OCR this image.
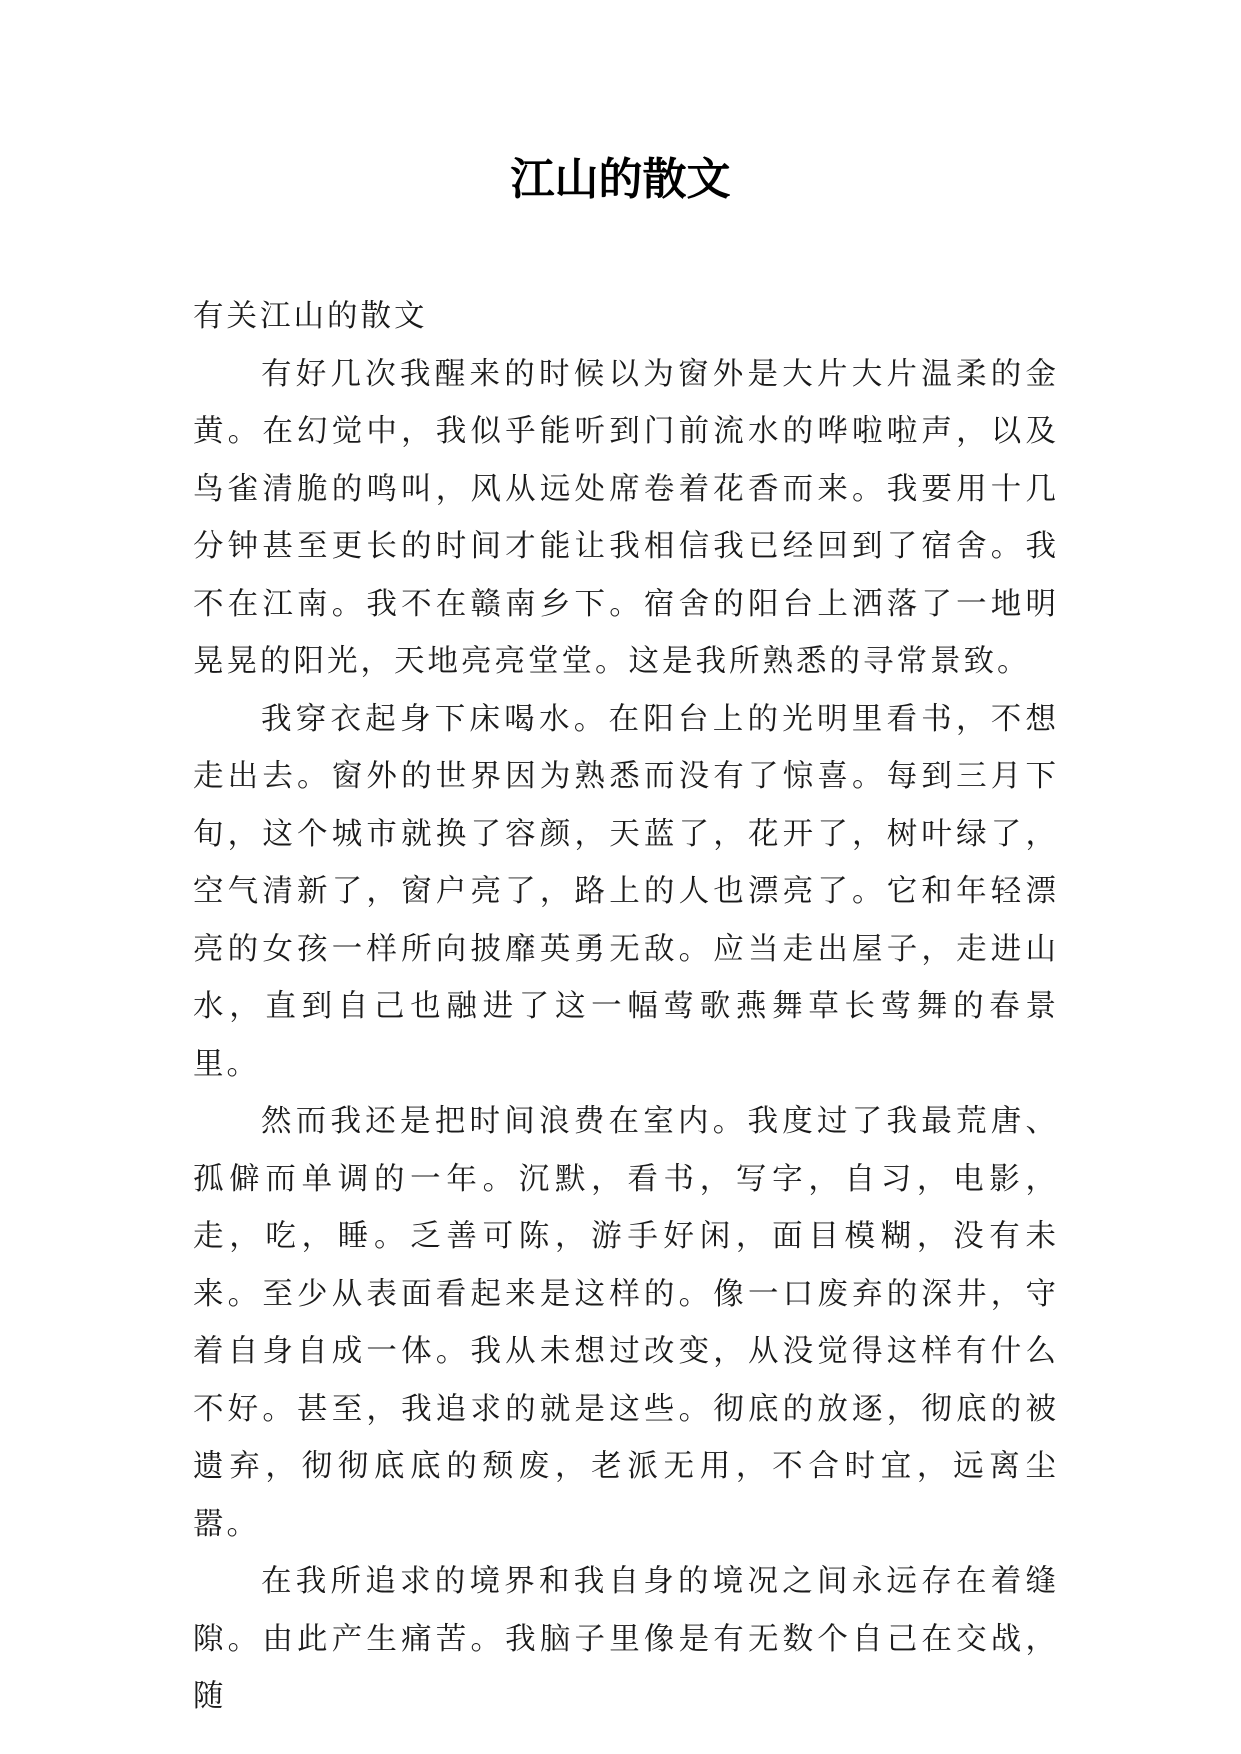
江山的散文

有关江山的散文

有好几次我醒来的时候以为窗外是大片大片温柔的金黄。在幻觉中，我似乎能听到门前流水的哗啦啦声，以及鸟雀清脆的鸣叫，风从远处席卷着花香而来。我要用十几分钟甚至更长的时间才能让我相信我已经回到了宿舍。我不在江南。我不在赣南乡下。宿舍的阳台上洒落了一地明晃晃的阳光，天地亮亮堂堂。这是我所熟悉的寻常景致。

我穿衣起身下床喝水。在阳台上的光明里看书，不想走出去。窗外的世界因为熟悉而没有了惊喜。每到三月下旬，这个城市就换了容颜，天蓝了，花开了，树叶绿了，空气清新了，窗户亮了，路上的人也漂亮了。它和年轻漂亮的女孩一样所向披靡英勇无敌。应当走出屋子，走进山水，直到自己也融进了这一幅莺歌燕舞草长莺舞的春景里。

然而我还是把时间浪费在室内。我度过了我最荒唐、孤僻而单调的一年。沉默，看书，写字，自习，电影，走，吃，睡。乏善可陈，游手好闲，面目模糊，没有未来。至少从表面看起来是这样的。像一口废弃的深井，守着自身自成一体。我从未想过改变，从没觉得这样有什么不好。甚至，我追求的就是这些。彻底的放逐，彻底的被遗弃，彻彻底底的颓废，老派无用，不合时宜，远离尘嚣。

在我所追求的境界和我自身的境况之间永远存在着缝隙。由此产生痛苦。我脑子里像是有无数个自己在交战，随
